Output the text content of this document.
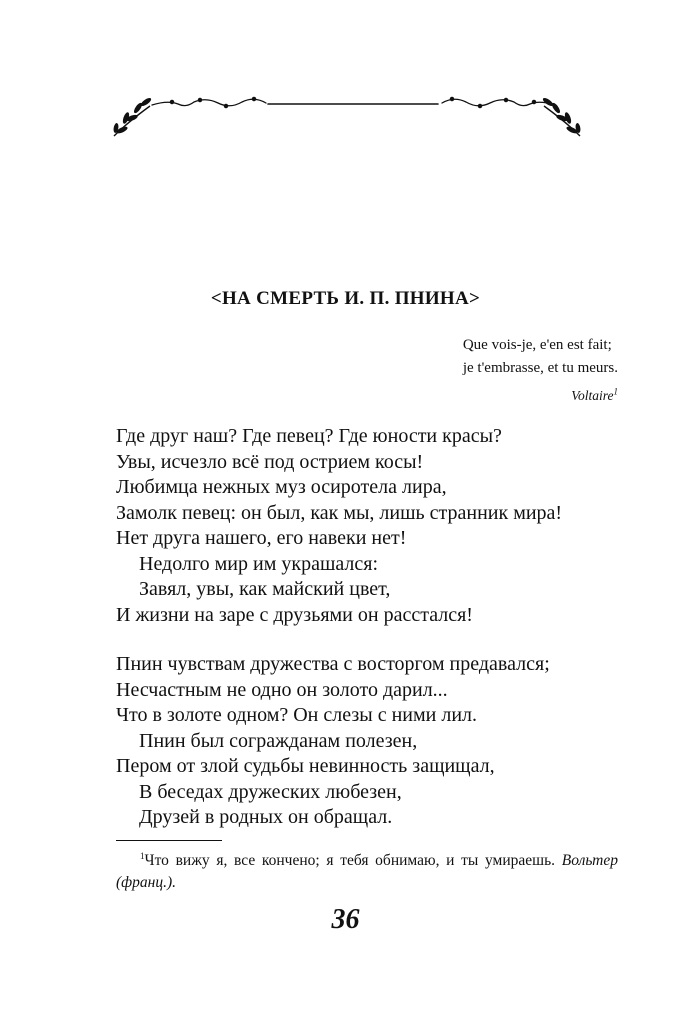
<НА СМЕРТЬ И. П. ПНИНА>
Que vois-je, e'en est fait;
je t'embrasse, et tu meurs.
Voltaire$^1$
Где друг наш? Где певец? Где юности красы?
Увы, исчезло всё под острием косы!
Любимца нежных муз осиротела лира,
Замолк певец: он был, как мы, лишь странник мира!
Нет друга нашего, его навеки нет!
Недолго мир им украшался:
Завял, увы, как майский цвет,
И жизни на заре с друзьями он расстался!
Пнин чувствам дружества с восторгом предавался;
Несчастным не одно он золото дарил...
Что в золоте одном? Он слезы с ними лил.
Пнин был согражданам полезен,
Пером от злой судьбы невинность защищал,
В беседах дружеских любезен,
Друзей в родных он обращал.
$^1$Что вижу я, все кончено; я тебя обнимаю, и ты умираешь. Вольтер (франц.).
36
